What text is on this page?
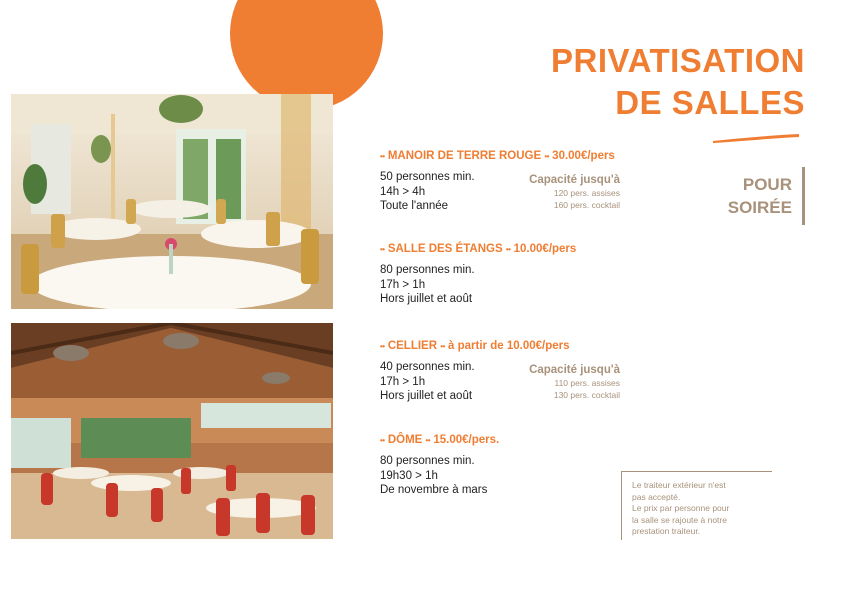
PRIVATISATION
DE SALLES
POUR
SOIRÉE
•• MANOIR DE TERRE ROUGE •• 30.00€/pers
50 personnes min.
14h > 4h
Toute l'année
Capacité jusqu'à
120 pers. assises
160 pers. cocktail
•• SALLE DES ÉTANGS •• 10.00€/pers
80 personnes min.
17h > 1h
Hors juillet et août
•• CELLIER •• à partir de 10.00€/pers
40 personnes min.
17h > 1h
Hors juillet et août
Capacité jusqu'à
110 pers. assises
130 pers. cocktail
•• DÔME •• 15.00€/pers.
80 personnes min.
19h30 > 1h
De novembre à mars	Le traiteur extérieur n'est
pas accepté.
Le prix par personne pour
la salle se rajoute à notre
prestation traiteur.
